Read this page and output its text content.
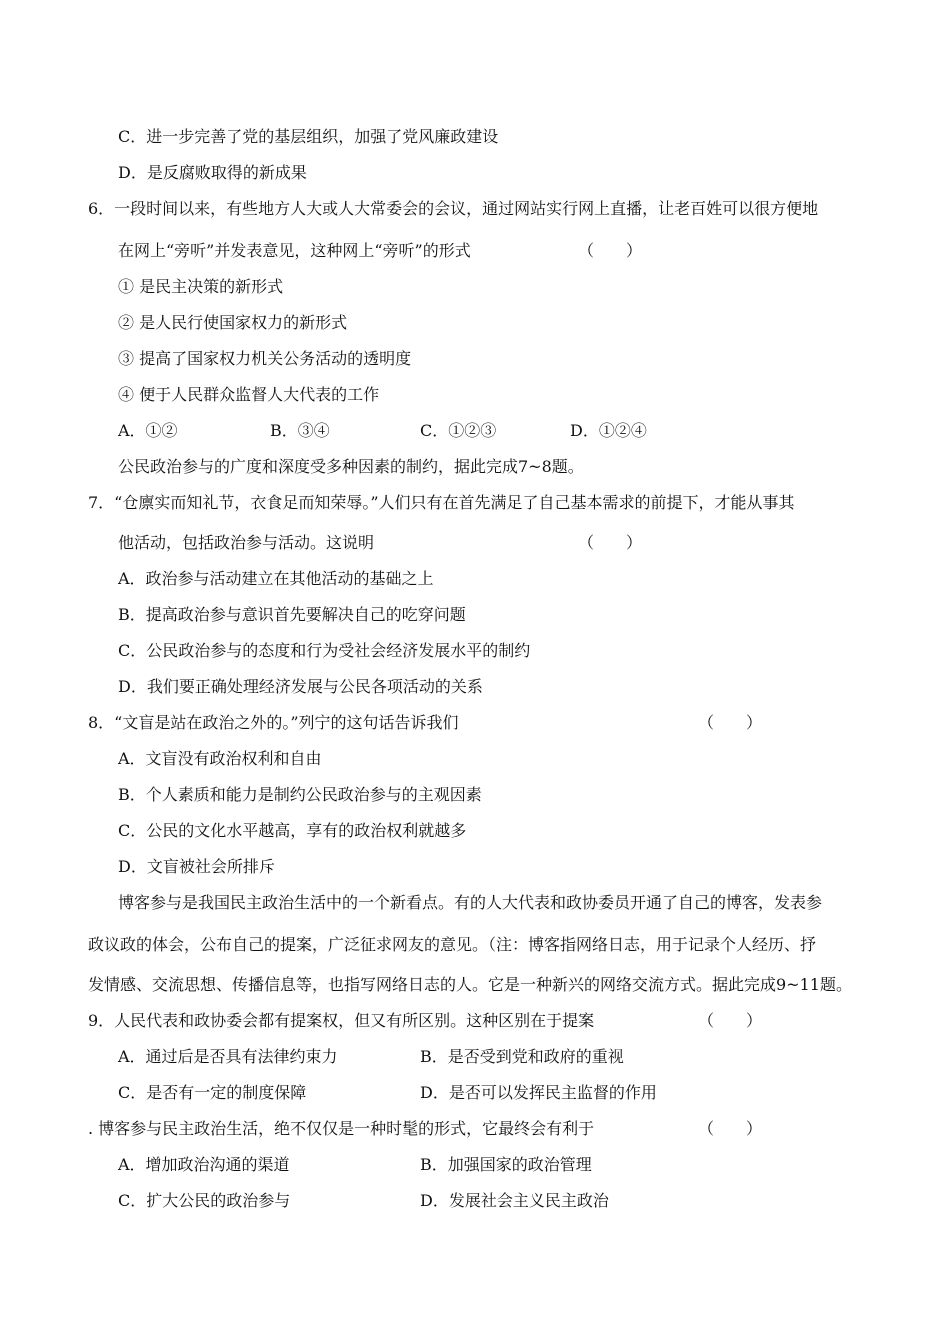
C．进一步完善了党的基层组织，加强了党风廉政建设
D．是反腐败取得的新成果
6．一段时间以来，有些地方人大或人大常委会的会议，通过网站实行网上直播，让老百姓可以很方便地
在网上“旁听”并发表意见，这种网上“旁听”的形式	（　　）
① 是民主决策的新形式
② 是人民行使国家权力的新形式
③ 提高了国家权力机关公务活动的透明度
④ 便于人民群众监督人大代表的工作
A．①②	B．③④	C．①②③	D．①②④
公民政治参与的广度和深度受多种因素的制约，据此完成7~8题。
7．“仓廪实而知礼节，衣食足而知荣辱。”人们只有在首先满足了自己基本需求的前提下，才能从事其
他活动，包括政治参与活动。这说明	（　　）
A．政治参与活动建立在其他活动的基础之上
B．提高政治参与意识首先要解决自己的吃穿问题
C．公民政治参与的态度和行为受社会经济发展水平的制约
D．我们要正确处理经济发展与公民各项活动的关系
8．“文盲是站在政治之外的。”列宁的这句话告诉我们	（　　）
A．文盲没有政治权利和自由
B．个人素质和能力是制约公民政治参与的主观因素
C．公民的文化水平越高，享有的政治权利就越多
D．文盲被社会所排斥
博客参与是我国民主政治生活中的一个新看点。有的人大代表和政协委员开通了自己的博客，发表参
政议政的体会，公布自己的提案，广泛征求网友的意见。（注：博客指网络日志，用于记录个人经历、抒
发情感、交流思想、传播信息等，也指写网络日志的人。它是一种新兴的网络交流方式。据此完成9~11题。
9．人民代表和政协委会都有提案权，但又有所区别。这种区别在于提案	（　　）
A．通过后是否具有法律约束力	B．是否受到党和政府的重视
C．是否有一定的制度保障	D．是否可以发挥民主监督的作用
. 博客参与民主政治生活，绝不仅仅是一种时髦的形式，它最终会有利于	（　　）
A．增加政治沟通的渠道	B．加强国家的政治管理
C．扩大公民的政治参与	D．发展社会主义民主政治
